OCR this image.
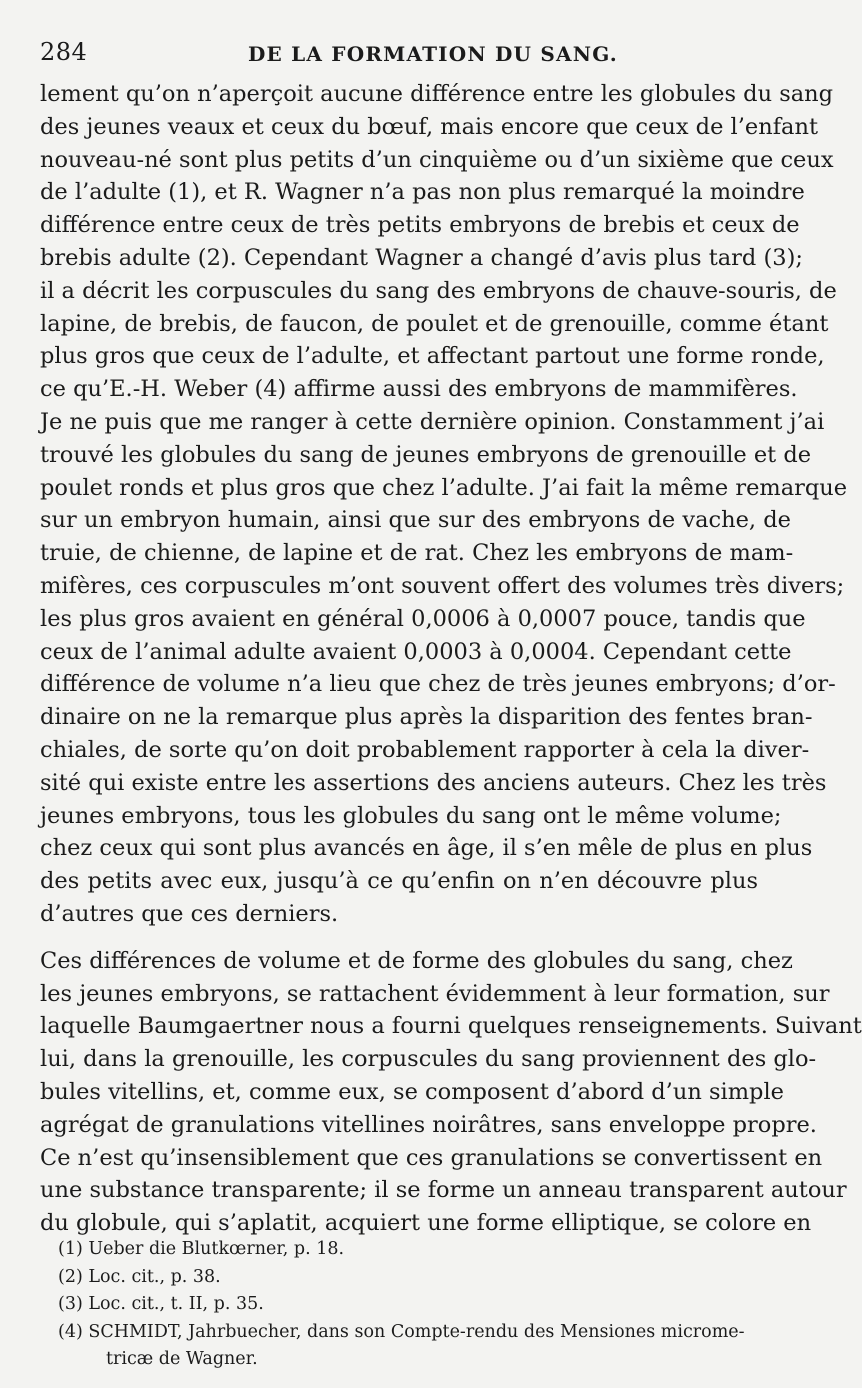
284	DE LA FORMATION DU SANG.
lement qu’on n’aperçoit aucune différence entre les globules du sang
des jeunes veaux et ceux du bœuf, mais encore que ceux de l’enfant
nouveau-né sont plus petits d’un cinquième ou d’un sixième que ceux
de l’adulte (1), et R. Wagner n’a pas non plus remarqué la moindre
différence entre ceux de très petits embryons de brebis et ceux de
brebis adulte (2). Cependant Wagner a changé d’avis plus tard (3);
il a décrit les corpuscules du sang des embryons de chauve-souris, de
lapine, de brebis, de faucon, de poulet et de grenouille, comme étant
plus gros que ceux de l’adulte, et affectant partout une forme ronde,
ce qu’E.-H. Weber (4) affirme aussi des embryons de mammifères.
Je ne puis que me ranger à cette dernière opinion. Constamment j’ai
trouvé les globules du sang de jeunes embryons de grenouille et de
poulet ronds et plus gros que chez l’adulte. J’ai fait la même remarque
sur un embryon humain, ainsi que sur des embryons de vache, de
truie, de chienne, de lapine et de rat. Chez les embryons de mam-
mifères, ces corpuscules m’ont souvent offert des volumes très divers;
les plus gros avaient en général 0,0006 à 0,0007 pouce, tandis que
ceux de l’animal adulte avaient 0,0003 à 0,0004. Cependant cette
différence de volume n’a lieu que chez de très jeunes embryons; d’or-
dinaire on ne la remarque plus après la disparition des fentes bran-
chiales, de sorte qu’on doit probablement rapporter à cela la diver-
sité qui existe entre les assertions des anciens auteurs. Chez les très
jeunes embryons, tous les globules du sang ont le même volume;
chez ceux qui sont plus avancés en âge, il s’en mêle de plus en plus
des petits avec eux, jusqu’à ce qu’enfin on n’en découvre plus
d’autres que ces derniers.
Ces différences de volume et de forme des globules du sang, chez
les jeunes embryons, se rattachent évidemment à leur formation, sur
laquelle Baumgaertner nous a fourni quelques renseignements. Suivant
lui, dans la grenouille, les corpuscules du sang proviennent des glo-
bules vitellins, et, comme eux, se composent d’abord d’un simple
agrégat de granulations vitellines noirâtres, sans enveloppe propre.
Ce n’est qu’insensiblement que ces granulations se convertissent en
une substance transparente; il se forme un anneau transparent autour
du globule, qui s’aplatit, acquiert une forme elliptique, se colore en
(1) Ueber die Blutkœrner, p. 18.
(2) Loc. cit., p. 38.
(3) Loc. cit., t. II, p. 35.
(4) SCHMIDT, Jahrbuecher, dans son Compte-rendu des Mensiones microme-
tricæ de Wagner.
